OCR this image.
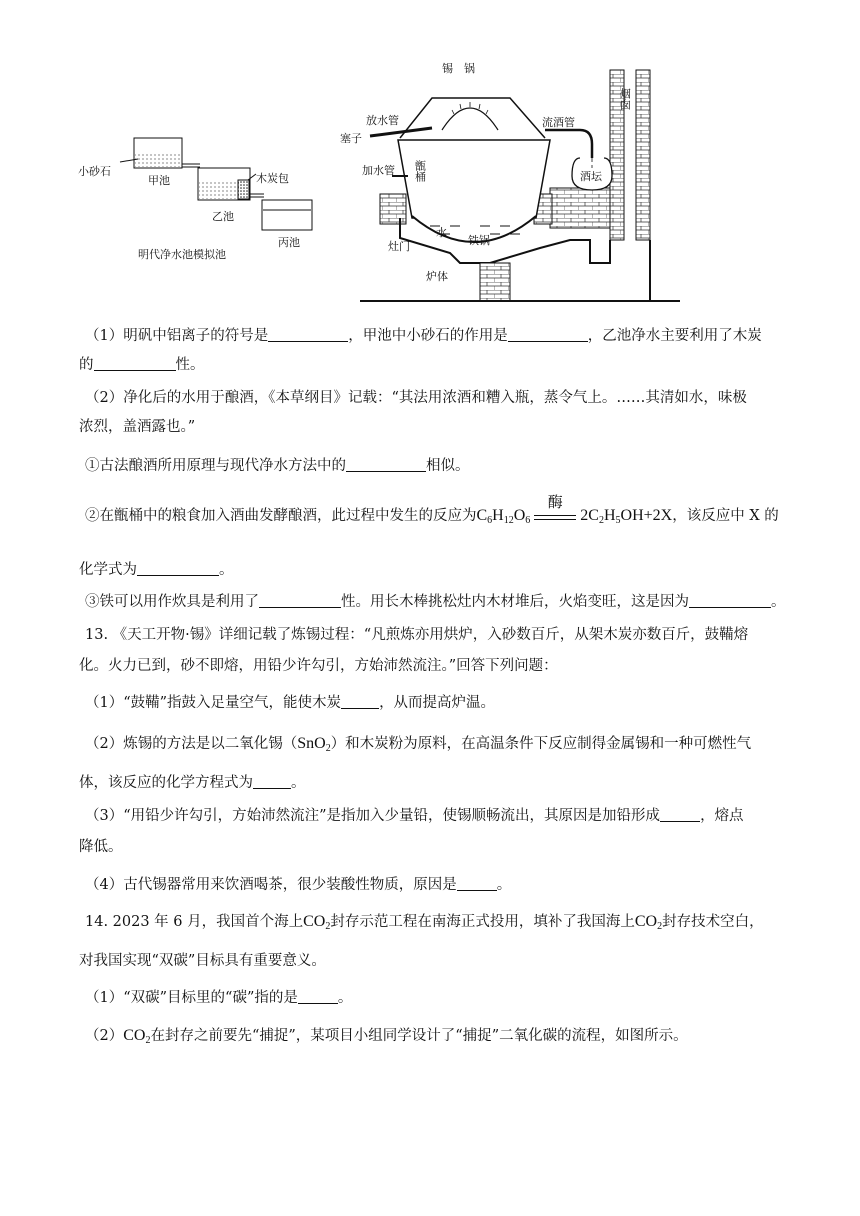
小砂石
甲池	木炭包
乙池
丙池
明代净水池模拟池
锡　锅
放水管
塞子
流酒管
烟囱
加水管 甑桶	酒坛
水
铁锅
灶门
炉体
（1）明矾中铝离子的符号是	，甲池中小砂石的作用是	，乙池净水主要利用了木炭
的	性。
（2）净化后的水用于酿酒，《本草纲目》记载：“其法用浓酒和糟入瓶，蒸令气上。……其清如水，味极
浓烈，盖酒露也。”
①古法酿酒所用原理与现代净水方法中的	相似。
②在甑桶中的粮食加入酒曲发酵酿酒，此过程中发生的反应为$C_6H_{12}O_6$
酶
$2C_2H_5OH+2X$，该反应中 X 的
化学式为	。
③铁可以用作炊具是利用了	性。用长木棒挑松灶内木材堆后，火焰变旺，这是因为	。
13. 《天工开物·锡》详细记载了炼锡过程：“凡煎炼亦用烘炉，入砂数百斤，从架木炭亦数百斤，鼓鞴熔
化。火力已到，砂不即熔，用铅少许勾引，方始沛然流注。”回答下列问题：
（1）“鼓鞴”指鼓入足量空气，能使木炭	，从而提高炉温。
（2）炼锡的方法是以二氧化锡（SnO$_2$）和木炭粉为原料，在高温条件下反应制得金属锡和一种可燃性气
体，该反应的化学方程式为	。
（3）“用铅少许勾引，方始沛然流注”是指加入少量铅，使锡顺畅流出，其原因是加铅形成	，熔点
降低。
（4）古代锡器常用来饮酒喝茶，很少装酸性物质，原因是	。
14. 2023 年 6 月，我国首个海上$CO_2$封存示范工程在南海正式投用，填补了我国海上$CO_2$封存技术空白，
对我国实现“双碳”目标具有重要意义。
（1）“双碳”目标里的“碳”指的是	。
$(2)CO_2$在封存之前要先“捕捉”，某项目小组同学设计了“捕捉”二氧化碳的流程，如图所示。
